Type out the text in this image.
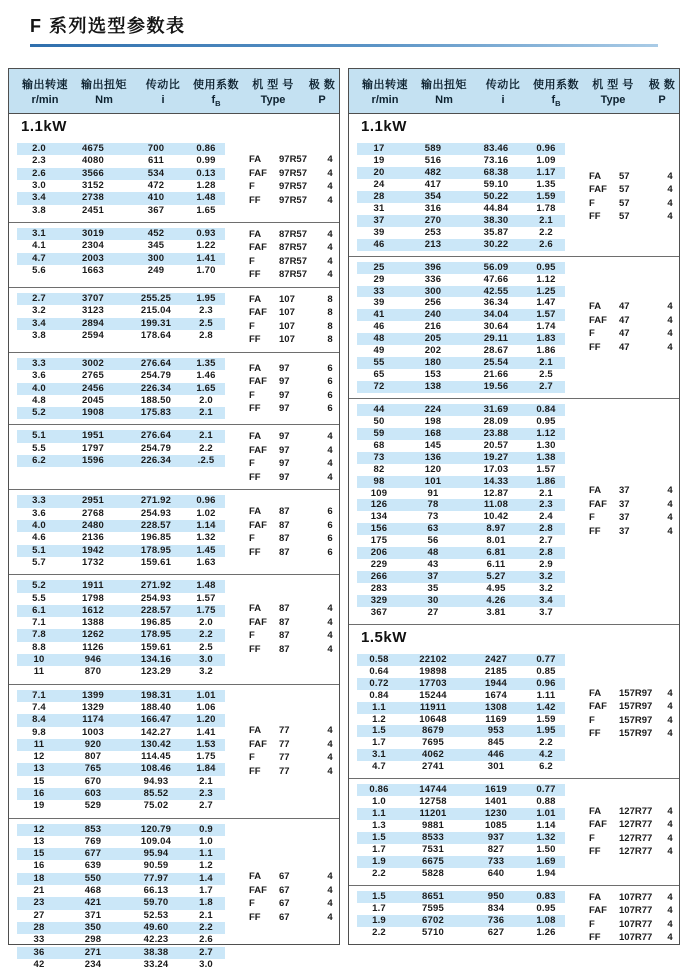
F 系列选型参数表
输出转速
r/min
输出扭矩
Nm
传动比
i
使用系数
$f_B$
机 型 号
Type
极 数
P
1.1kW
2.0	4675	700	0.86
2.3	4080	611	0.99
2.6	3566	534	0.13
3.0	3152	472	1.28
3.4	2738	410	1.48
3.8	2451	367	1.65
FA	97R57	4
FAF	97R57	4
F	97R57	4
FF	97R57	4
3.1	3019	452	0.93
4.1	2304	345	1.22
4.7	2003	300	1.41
5.6	1663	249	1.70
FA	87R57	4
FAF	87R57	4
F	87R57	4
FF	87R57	4
2.7	3707	255.25	1.95
3.2	3123	215.04	2.3
3.4	2894	199.31	2.5
3.8	2594	178.64	2.8
FA	107	8
FAF	107	8
F	107	8
FF	107	8
3.3	3002	276.64	1.35
3.6	2765	254.79	1.46
4.0	2456	226.34	1.65
4.8	2045	188.50	2.0
5.2	1908	175.83	2.1
FA	97	6
FAF	97	6
F	97	6
FF	97	6
5.1	1951	276.64	2.1
5.5	1797	254.79	2.2
6.2	1596	226.34	.2.5
FA	97	4
FAF	97	4
F	97	4
FF	97	4
3.3	2951	271.92	0.96
3.6	2768	254.93	1.02
4.0	2480	228.57	1.14
4.6	2136	196.85	1.32
5.1	1942	178.95	1.45
5.7	1732	159.61	1.63
FA	87	6
FAF	87	6
F	87	6
FF	87	6
5.2	1911	271.92	1.48
5.5	1798	254.93	1.57
6.1	1612	228.57	1.75
7.1	1388	196.85	2.0
7.8	1262	178.95	2.2
8.8	1126	159.61	2.5
10	946	134.16	3.0
11	870	123.29	3.2
FA	87	4
FAF	87	4
F	87	4
FF	87	4
7.1	1399	198.31	1.01
7.4	1329	188.40	1.06
8.4	1174	166.47	1.20
9.8	1003	142.27	1.41
11	920	130.42	1.53
12	807	114.45	1.75
13	765	108.46	1.84
15	670	94.93	2.1
16	603	85.52	2.3
19	529	75.02	2.7
FA	77	4
FAF	77	4
F	77	4
FF	77	4
12	853	120.79	0.9
13	769	109.04	1.0
15	677	95.94	1.1
16	639	90.59	1.2
18	550	77.97	1.4
21	468	66.13	1.7
23	421	59.70	1.8
27	371	52.53	2.1
28	350	49.60	2.2
33	298	42.23	2.6
36	271	38.38	2.7
42	234	33.24	3.0
FA	67	4
FAF	67	4
F	67	4
FF	67	4
输出转速
r/min
输出扭矩
Nm
传动比
i
使用系数
$f_B$
机 型 号
Type
极 数
P
1.1kW
17	589	83.46	0.96
19	516	73.16	1.09
20	482	68.38	1.17
24	417	59.10	1.35
28	354	50.22	1.59
31	316	44.84	1.78
37	270	38.30	2.1
39	253	35.87	2.2
46	213	30.22	2.6
FA	57	4
FAF	57	4
F	57	4
FF	57	4
25	396	56.09	0.95
29	336	47.66	1.12
33	300	42.55	1.25
39	256	36.34	1.47
41	240	34.04	1.57
46	216	30.64	1.74
48	205	29.11	1.83
49	202	28.67	1.86
55	180	25.54	2.1
65	153	21.66	2.5
72	138	19.56	2.7
FA	47	4
FAF	47	4
F	47	4
FF	47	4
44	224	31.69	0.84
50	198	28.09	0.95
59	168	23.88	1.12
68	145	20.57	1.30
73	136	19.27	1.38
82	120	17.03	1.57
98	101	14.33	1.86
109	91	12.87	2.1
126	78	11.08	2.3
134	73	10.42	2.4
156	63	8.97	2.8
175	56	8.01	2.7
206	48	6.81	2.8
229	43	6.11	2.9
266	37	5.27	3.2
283	35	4.95	3.2
329	30	4.26	3.4
367	27	3.81	3.7
FA	37	4
FAF	37	4
F	37	4
FF	37	4
1.5kW
0.58	22102	2427	0.77
0.64	19898	2185	0.85
0.72	17703	1944	0.96
0.84	15244	1674	1.11
1.1	11911	1308	1.42
1.2	10648	1169	1.59
1.5	8679	953	1.95
1.7	7695	845	2.2
3.1	4062	446	4.2
4.7	2741	301	6.2
FA	157R97	4
FAF	157R97	4
F	157R97	4
FF	157R97	4
0.86	14744	1619	0.77
1.0	12758	1401	0.88
1.1	11201	1230	1.01
1.3	9881	1085	1.14
1.5	8533	937	1.32
1.7	7531	827	1.50
1.9	6675	733	1.69
2.2	5828	640	1.94
FA	127R77	4
FAF	127R77	4
F	127R77	4
FF	127R77	4
1.5	8651	950	0.83
1.7	7595	834	0.95
1.9	6702	736	1.08
2.2	5710	627	1.26
FA	107R77	4
FAF	107R77	4
F	107R77	4
FF	107R77	4
